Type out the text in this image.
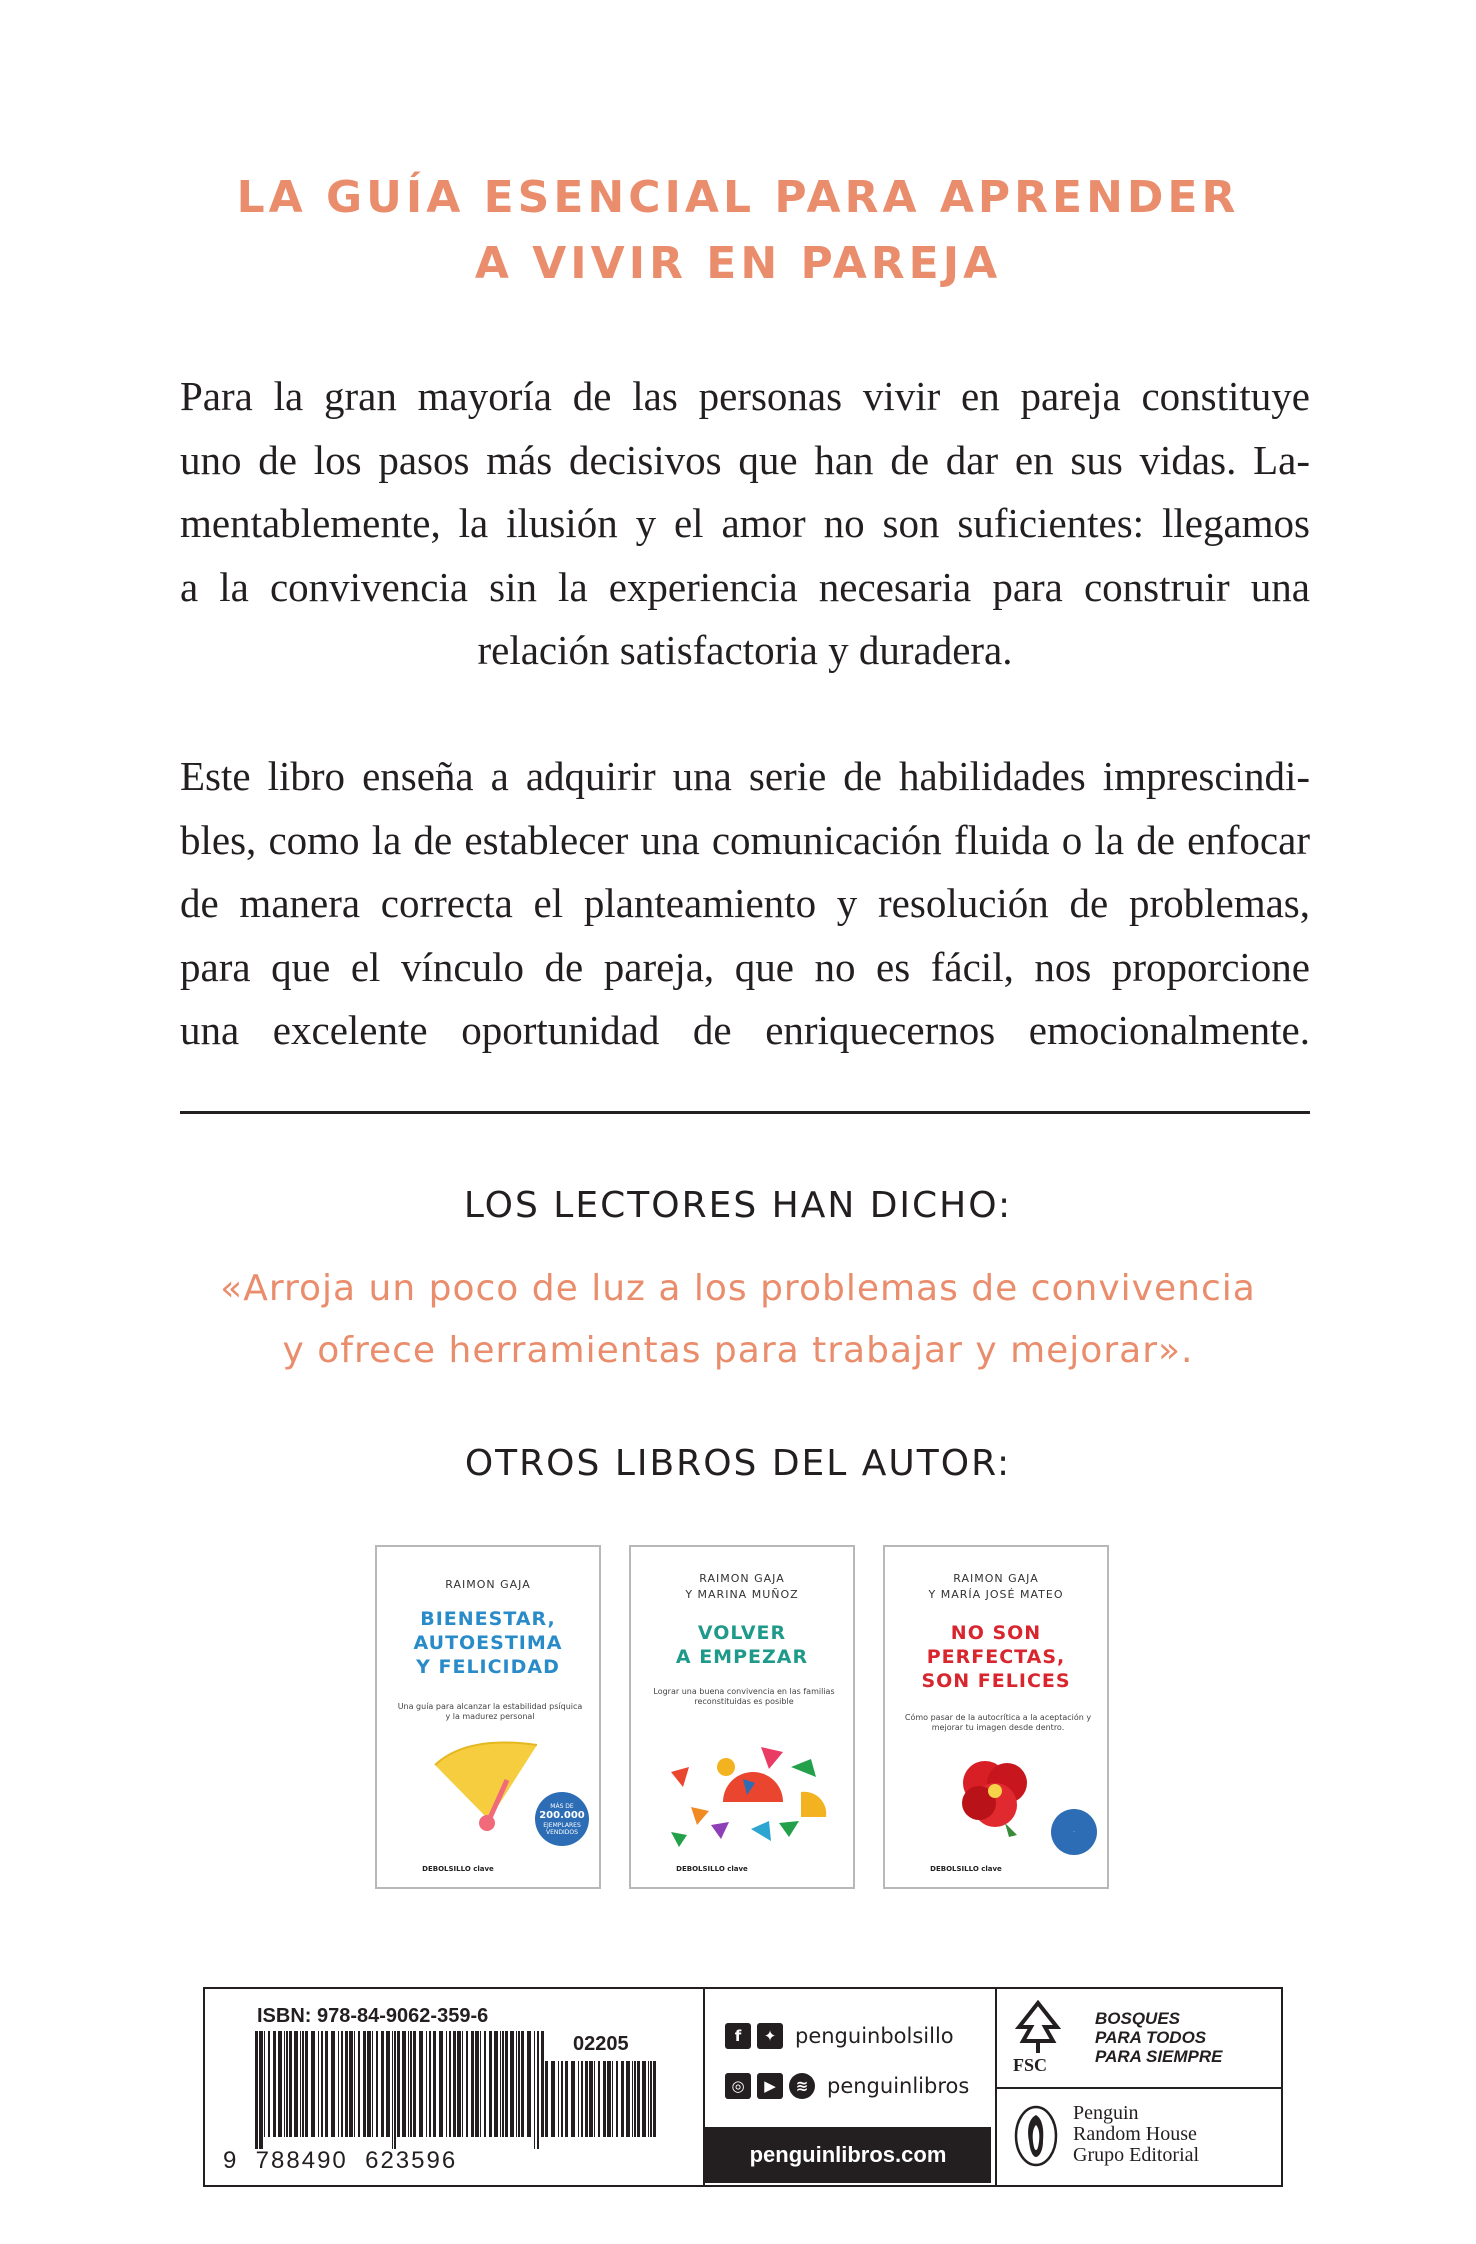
LA GUÍA ESENCIAL PARA APRENDER
A VIVIR EN PAREJA
Para la gran mayoría de las personas vivir en pareja constituye
uno de los pasos más decisivos que han de dar en sus vidas. La-
mentablemente, la ilusión y el amor no son suficientes: llegamos
a la convivencia sin la experiencia necesaria para construir una
relación satisfactoria y duradera.
Este libro enseña a adquirir una serie de habilidades imprescindi-
bles, como la de establecer una comunicación fluida o la de enfocar
de manera correcta el planteamiento y resolución de problemas,
para que el vínculo de pareja, que no es fácil, nos proporcione
una excelente oportunidad de enriquecernos emocionalmente.
LOS LECTORES HAN DICHO:
«Arroja un poco de luz a los problemas de convivencia
y ofrece herramientas para trabajar y mejorar».
OTROS LIBROS DEL AUTOR:
RAIMON GAJA
BIENESTAR,
AUTOESTIMA
Y FELICIDAD
Una guía para alcanzar la estabilidad psíquica y la madurez personal
MÁS DE
200.000
EJEMPLARES VENDIDOS
DEBOLSILLO clave
RAIMON GAJA
Y MARINA MUÑOZ
VOLVER
A EMPEZAR
Lograr una buena convivencia en las familias reconstituidas es posible
DEBOLSILLO clave
RAIMON GAJA
Y MARÍA JOSÉ MATEO
NO SON
PERFECTAS,
SON FELICES
Cómo pasar de la autocrítica a la aceptación y mejorar tu imagen desde dentro.
·
DEBOLSILLO clave
ISBN: 978-84-9062-359-6
02205
9  788490  623596
f	✦ penguinbolsillo
◎	▶	≋ penguinlibros
penguinlibros.com
FSC
BOSQUES
PARA TODOS
PARA SIEMPRE
Penguin
Random House
Grupo Editorial
